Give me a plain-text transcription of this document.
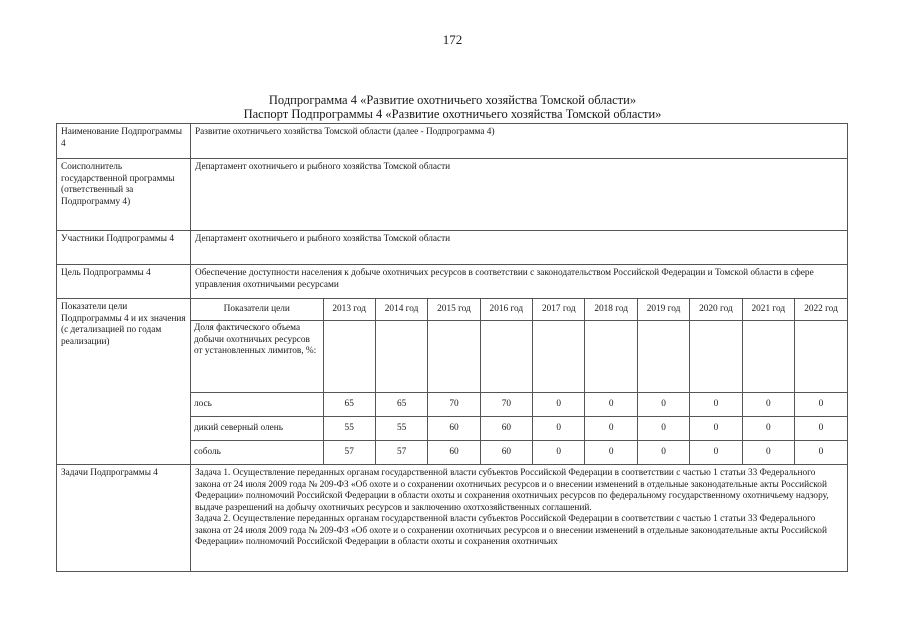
172
Подпрограмма 4 «Развитие охотничьего хозяйства Томской области»
Паспорт Подпрограммы 4 «Развитие охотничьего хозяйства Томской области»
Наименование Подпрограммы 4	Развитие охотничьего хозяйства Томской области (далее - Подпрограмма 4)
Соисполнитель государственной программы (ответственный за Подпрограмму 4)	Департамент охотничьего и рыбного хозяйства Томской области
Участники Подпрограммы 4	Департамент охотничьего и рыбного хозяйства Томской области
Цель Подпрограммы 4	Обеспечение доступности населения к добыче охотничьих ресурсов в соответствии с законодательством Российской Федерации и Томской области в сфере управления охотничьими ресурсами
Показатели цели Подпрограммы 4 и их значения (с детализацией по годам реализации)	
Показатели цели	2013 год	2014 год	2015 год	2016 год	2017 год	2018 год	2019 год	2020 год	2021 год	2022 год
Доля фактического объема добычи охотничьих ресурсов от установленных лимитов, %:										
лось	65	65	70	70	0	0	0	0	0	0
дикий северный олень	55	55	60	60	0	0	0	0	0	0
соболь	57	57	60	60	0	0	0	0	0	0

Задачи Подпрограммы 4	Задача 1. Осуществление переданных органам государственной власти субъектов Российской Федерации в соответствии с частью 1 статьи 33 Федерального закона от 24 июля 2009 года № 209-ФЗ «Об охоте и о сохранении охотничьих ресурсов и о внесении изменений в отдельные законодательные акты Российской Федерации» полномочий Российской Федерации в области охоты и сохранения охотничьих ресурсов по федеральному государственному охотничьему надзору, выдаче разрешений на добычу охотничьих ресурсов и заключению охотхозяйственных соглашений.

Задача 2. Осуществление переданных органам государственной власти субъектов Российской Федерации в соответствии с частью 1 статьи 33 Федерального закона от 24 июля 2009 года № 209-ФЗ «Об охоте и о сохранении охотничьих ресурсов и о внесении изменений в отдельные законодательные акты Российской Федерации» полномочий Российской Федерации в области охоты и сохранения охотничьих
